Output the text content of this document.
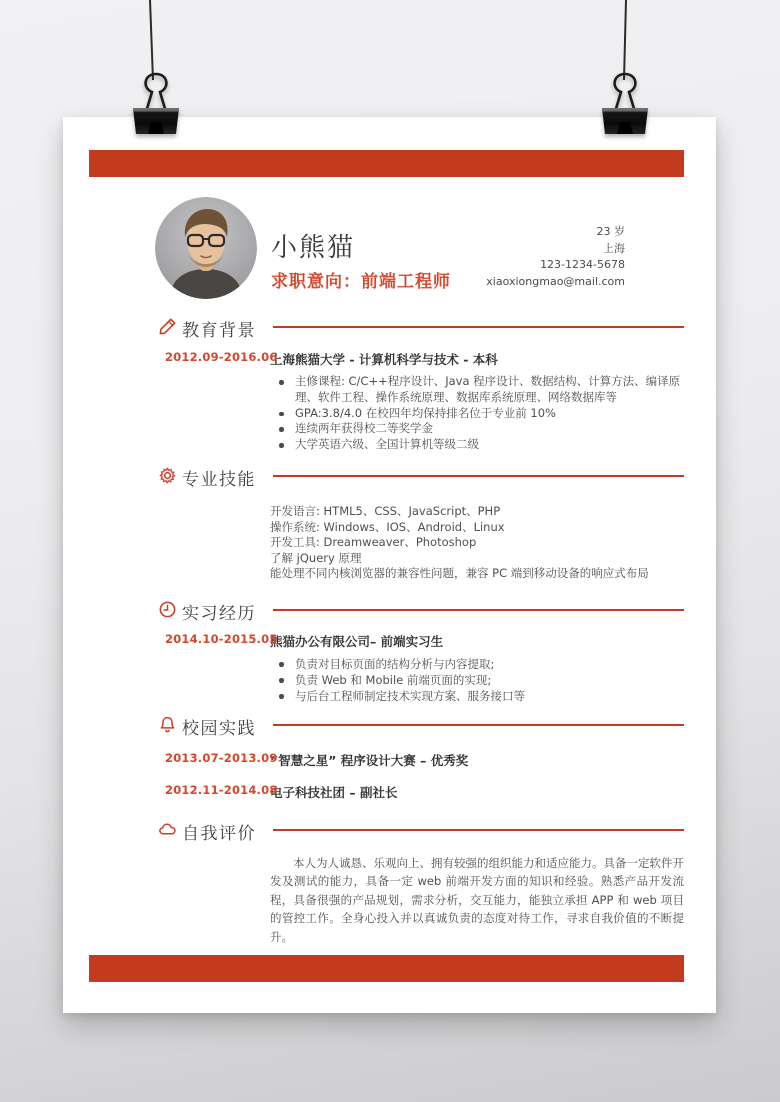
小熊猫
求职意向：前端工程师
23 岁
上海
123-1234-5678
xiaoxiongmao@mail.com
教育背景
2012.09-2016.06
上海熊猫大学 - 计算机科学与技术 - 本科
主修课程: C/C++程序设计、Java 程序设计、数据结构、计算方法、编译原理、软件工程、操作系统原理、数据库系统原理、网络数据库等
GPA:3.8/4.0 在校四年均保持排名位于专业前 10%
连续两年获得校二等奖学金
大学英语六级、全国计算机等级二级
专业技能
开发语言: HTML5、CSS、JavaScript、PHP
操作系统: Windows、IOS、Android、Linux
开发工具: Dreamweaver、Photoshop
了解 jQuery 原理
能处理不同内核浏览器的兼容性问题，兼容 PC 端到移动设备的响应式布局
实习经历
2014.10-2015.05
熊猫办公有限公司– 前端实习生
负责对目标页面的结构分析与内容提取;
负责 Web 和 Mobile 前端页面的实现;
与后台工程师制定技术实现方案、服务接口等
校园实践
2013.07-2013.09
“智慧之星” 程序设计大赛 – 优秀奖
2012.11-2014.08
电子科技社团 – 副社长
自我评价
本人为人诚恳、乐观向上、拥有较强的组织能力和适应能力。具备一定软件开发及测试的能力，具备一定 web 前端开发方面的知识和经验。熟悉产品开发流程，具备很强的产品规划，需求分析，交互能力，能独立承担 APP 和 web 项目的管控工作。全身心投入并以真诚负责的态度对待工作，寻求自我价值的不断提升。
